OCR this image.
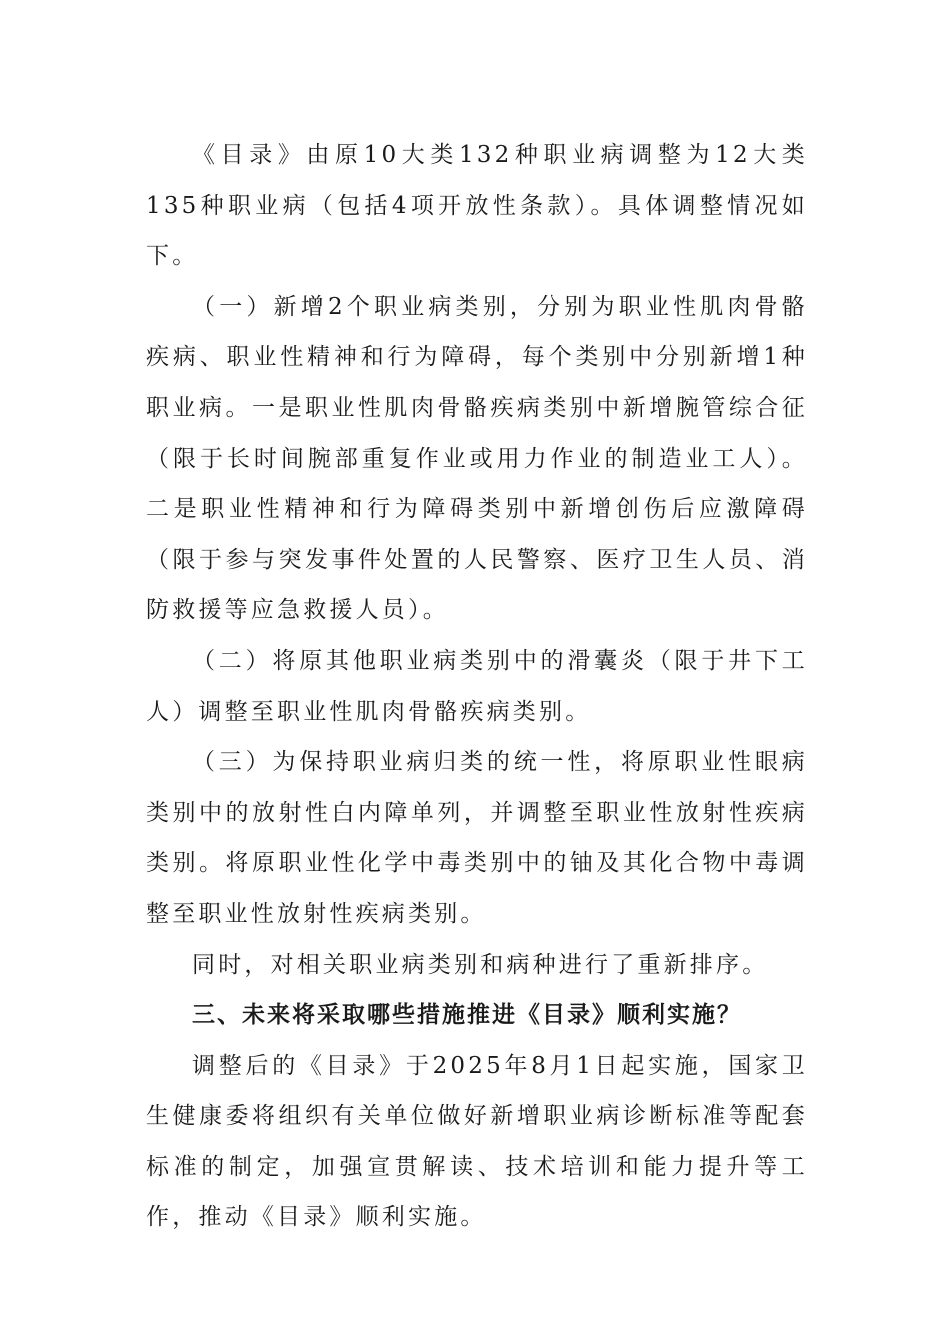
《目录》由原10大类132种职业病调整为12大类135种职业病（包括4项开放性条款）。具体调整情况如下。

（一）新增2个职业病类别，分别为职业性肌肉骨骼疾病、职业性精神和行为障碍，每个类别中分别新增1种职业病。一是职业性肌肉骨骼疾病类别中新增腕管综合征（限于长时间腕部重复作业或用力作业的制造业工人）。二是职业性精神和行为障碍类别中新增创伤后应激障碍（限于参与突发事件处置的人民警察、医疗卫生人员、消防救援等应急救援人员）。

（二）将原其他职业病类别中的滑囊炎（限于井下工人）调整至职业性肌肉骨骼疾病类别。

（三）为保持职业病归类的统一性，将原职业性眼病类别中的放射性白内障单列，并调整至职业性放射性疾病类别。将原职业性化学中毒类别中的铀及其化合物中毒调整至职业性放射性疾病类别。

同时，对相关职业病类别和病种进行了重新排序。

三、未来将采取哪些措施推进《目录》顺利实施？

调整后的《目录》于2025年8月1日起实施，国家卫生健康委将组织有关单位做好新增职业病诊断标准等配套标准的制定，加强宣贯解读、技术培训和能力提升等工作，推动《目录》顺利实施。
